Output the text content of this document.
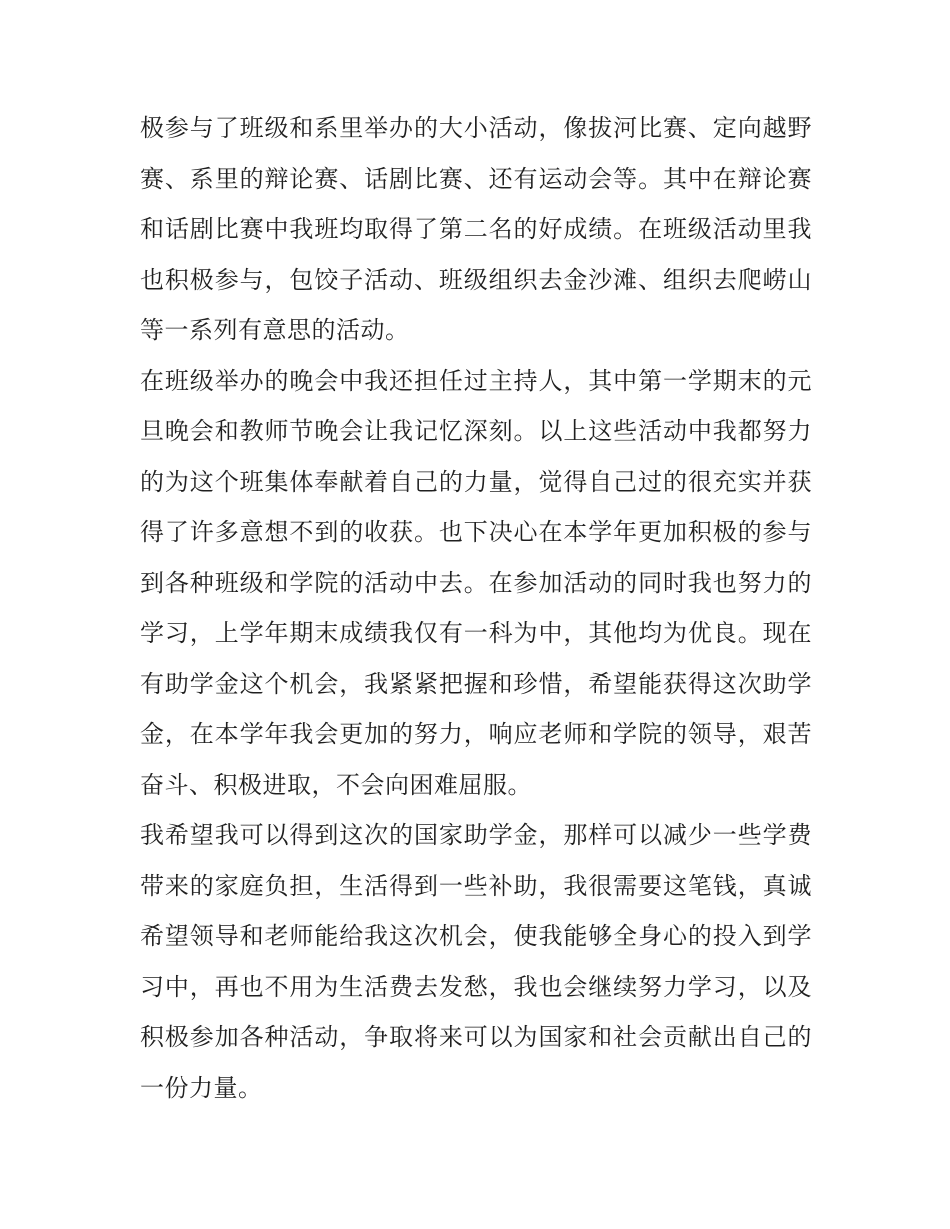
极参与了班级和系里举办的大小活动，像拔河比赛、定向越野
赛、系里的辩论赛、话剧比赛、还有运动会等。其中在辩论赛
和话剧比赛中我班均取得了第二名的好成绩。在班级活动里我
也积极参与，包饺子活动、班级组织去金沙滩、组织去爬崂山
等一系列有意思的活动。
在班级举办的晚会中我还担任过主持人，其中第一学期末的元
旦晚会和教师节晚会让我记忆深刻。以上这些活动中我都努力
的为这个班集体奉献着自己的力量，觉得自己过的很充实并获
得了许多意想不到的收获。也下决心在本学年更加积极的参与
到各种班级和学院的活动中去。在参加活动的同时我也努力的
学习，上学年期末成绩我仅有一科为中，其他均为优良。现在
有助学金这个机会，我紧紧把握和珍惜，希望能获得这次助学
金，在本学年我会更加的努力，响应老师和学院的领导，艰苦
奋斗、积极进取，不会向困难屈服。
我希望我可以得到这次的国家助学金，那样可以减少一些学费
带来的家庭负担，生活得到一些补助，我很需要这笔钱，真诚
希望领导和老师能给我这次机会，使我能够全身心的投入到学
习中，再也不用为生活费去发愁，我也会继续努力学习，以及
积极参加各种活动，争取将来可以为国家和社会贡献出自己的
一份力量。
